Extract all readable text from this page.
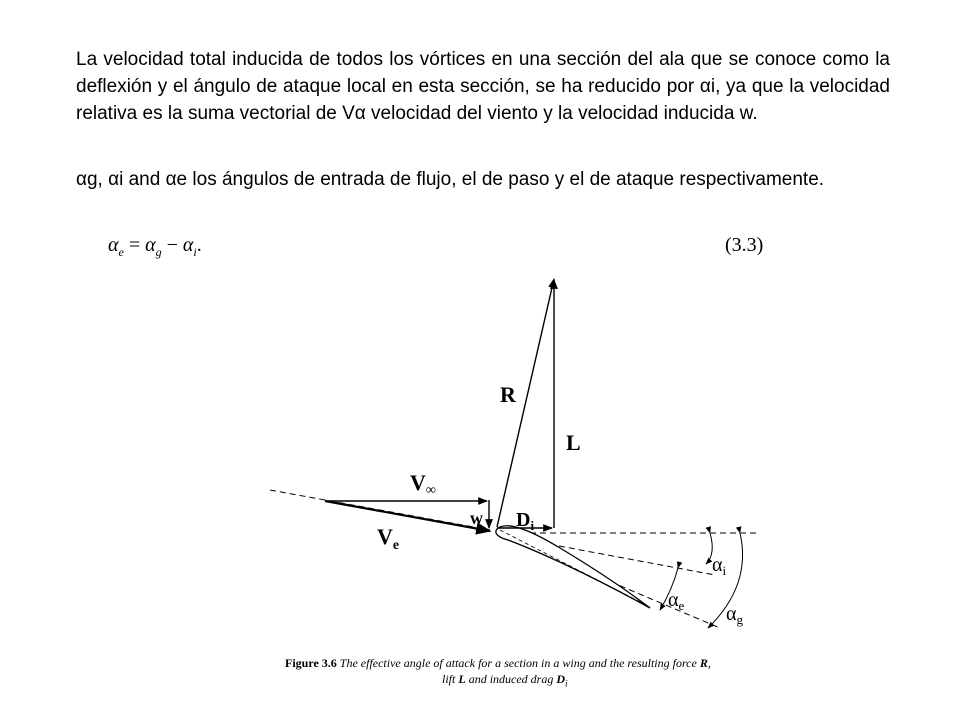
La velocidad total inducida de todos los vórtices en una sección del ala que se conoce como la deflexión y el ángulo de ataque local en esta sección, se ha reducido por αi, ya que la velocidad relativa es la suma vectorial de Vα velocidad del viento y la velocidad inducida w.

αg, αi and αe los ángulos de entrada de flujo, el de paso y el de ataque respectivamente.

$\alpha_e = \alpha_g - \alpha_i$.	(3.3)
R
L
V∞
w $D_i$
$V_e$
$\alpha_i$
$\alpha_e$ $\alpha_g$
Figure 3.6 The effective angle of attack for a section in a wing and the resulting force R,
lift L and induced drag $D_i$
